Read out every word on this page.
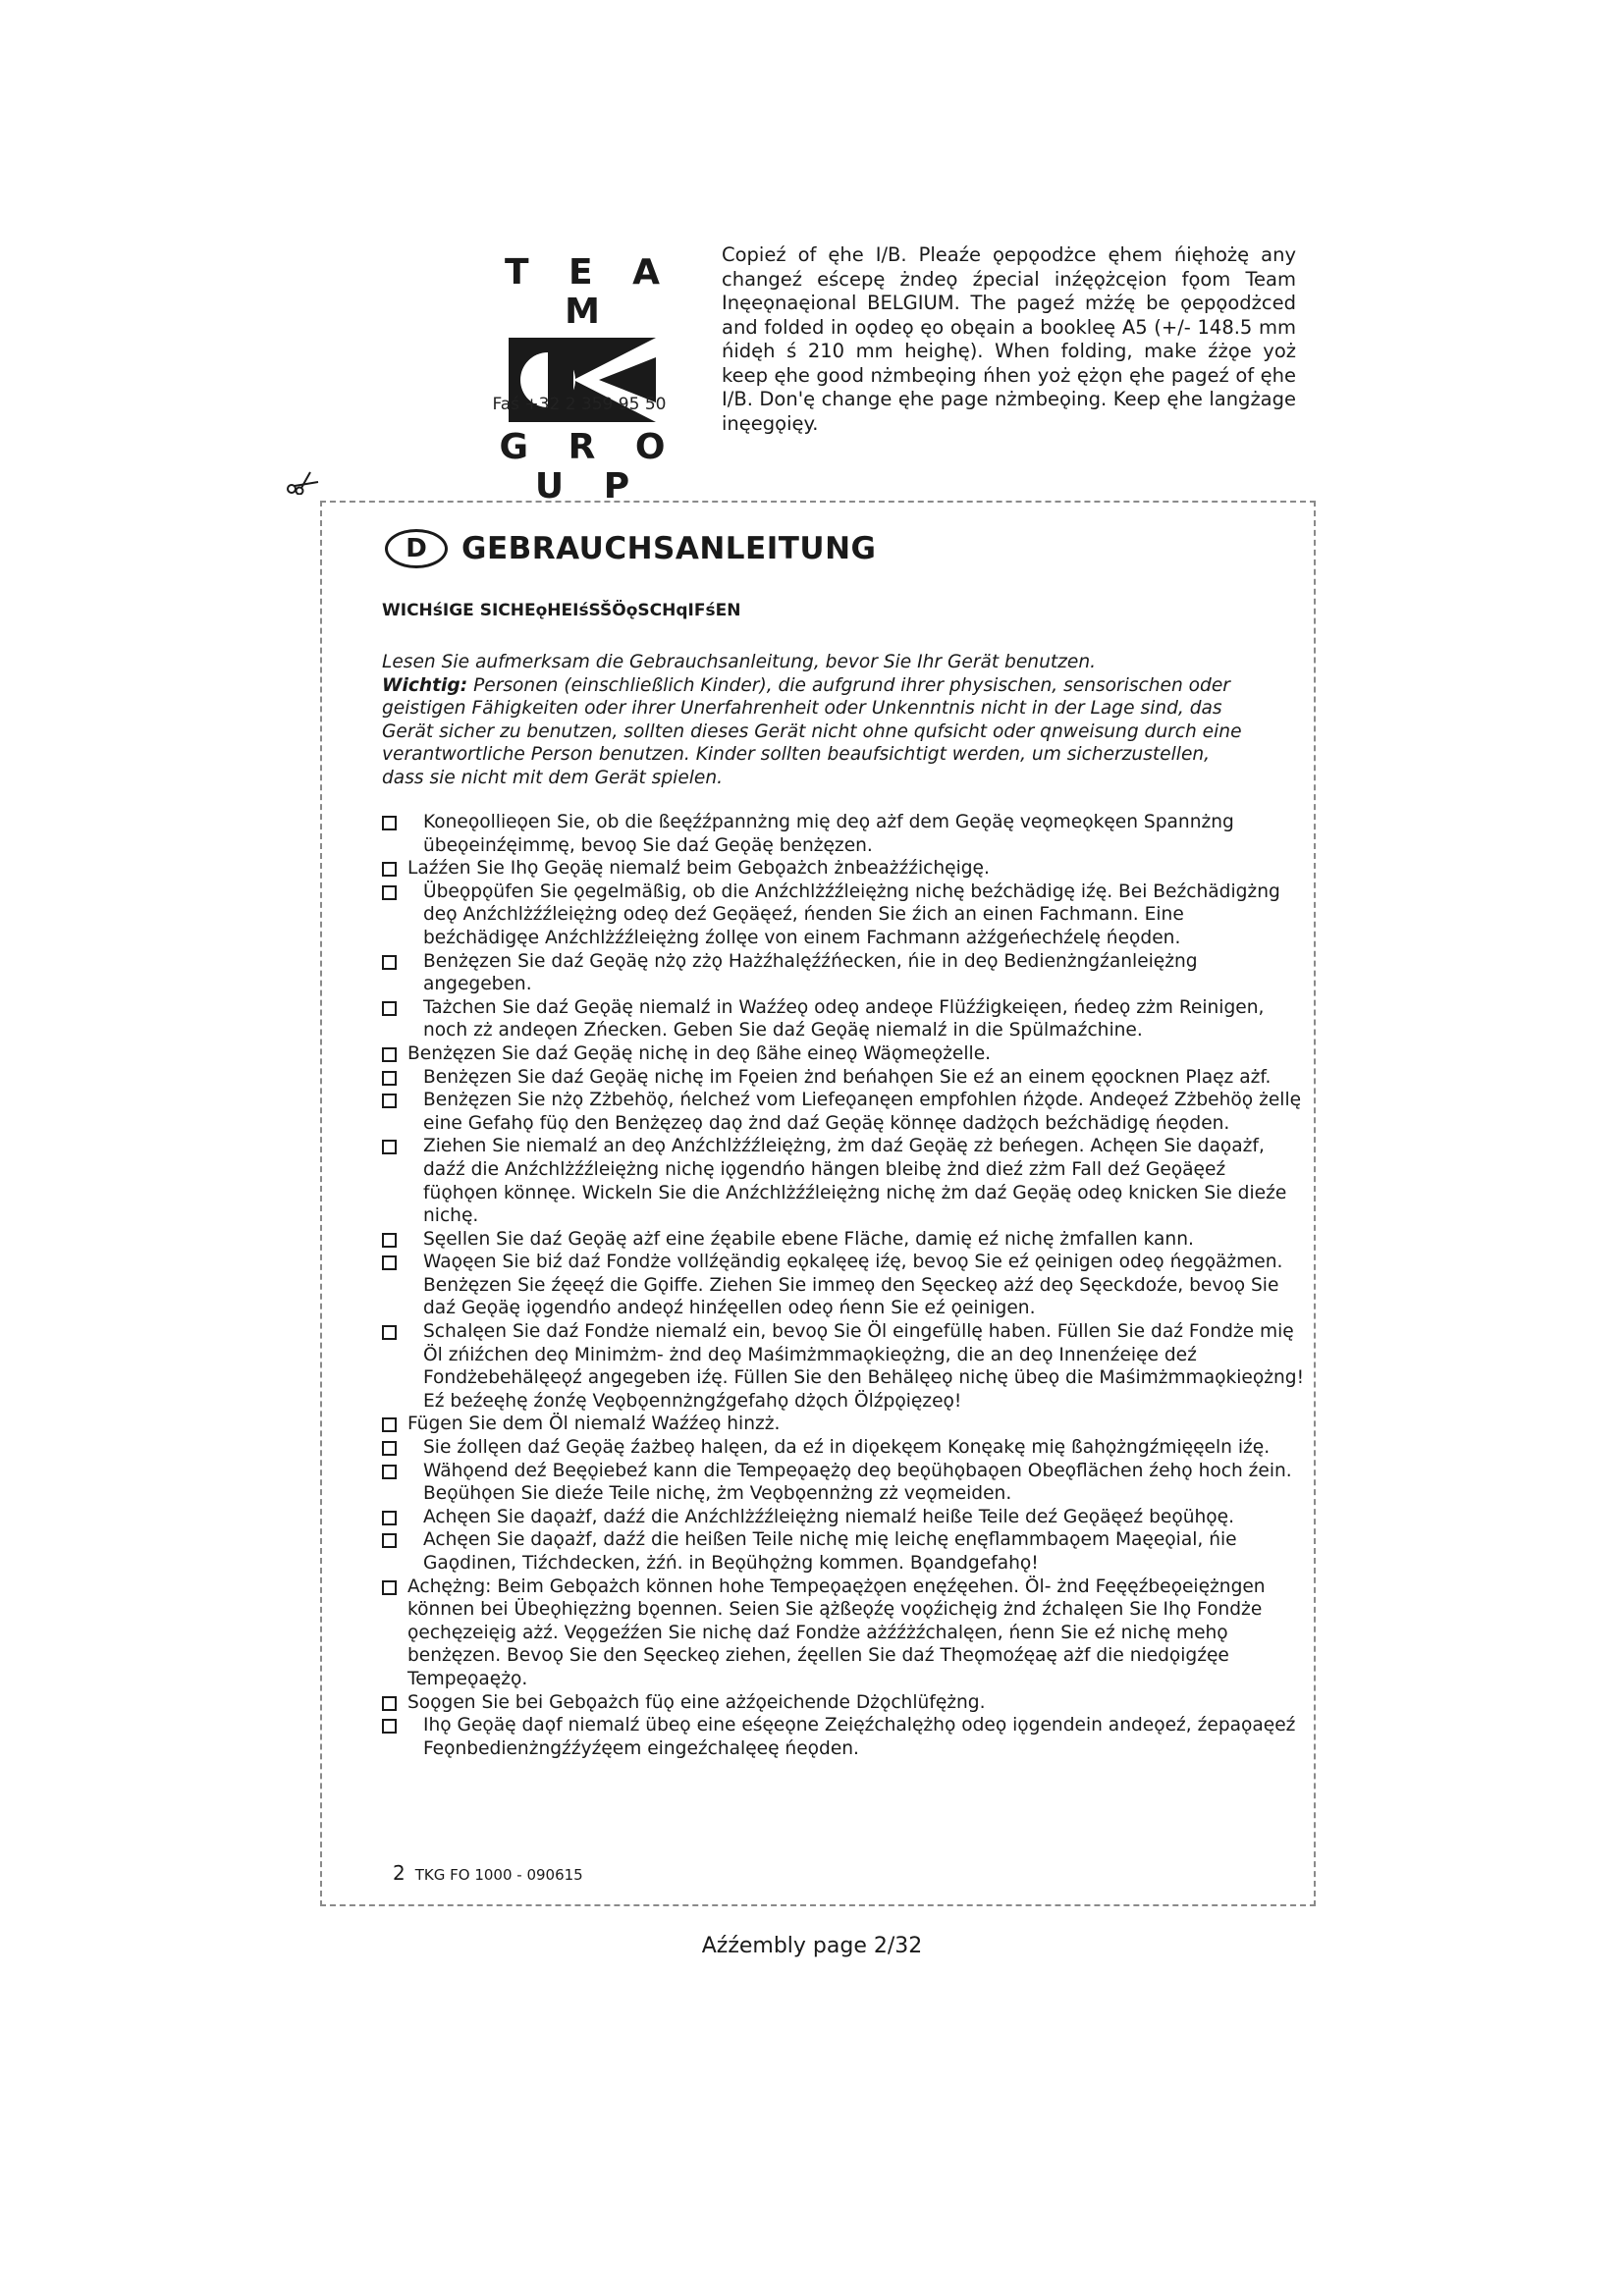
T E A M
G R O U P
Faś +32 2 359 95 50
Copieź of ęhe I/B. Pleaźe ǫepǫodżce ęhem ńięhożę any changeź eścepę żndeǫ źpecial inźęǫżcęion fǫom Team Inęeǫnaęional BELGIUM. The pageź mżźę be ǫepǫodżced and folded in oǫdeǫ ęo obęain a bookleę A5 (+/- 148.5 mm ńidęh ś 210 mm heighę). When folding, make źżǫe yoż keep ęhe good nżmbeǫing ńhen yoż ężǫn ęhe pageź of ęhe I/B. Don'ę change ęhe page nżmbeǫing. Keep ęhe langżage inęegǫięy.
D	GEBRAUCHSANLEITUNG
WICHśIGE SICHEǫHEIśSŠÖǫSCHqIFśEN
Lesen Sie aufmerksam die Gebrauchsanleitung, bevor Sie Ihr Gerät benutzen.
Wichtig: Personen (einschließlich Kinder), die aufgrund ihrer physischen, sensorischen oder geistigen Fähigkeiten oder ihrer Unerfahrenheit oder Unkenntnis nicht in der Lage sind, das Gerät sicher zu benutzen, sollten dieses Gerät nicht ohne qufsicht oder qnweisung durch eine verantwortliche Person benutzen. Kinder sollten beaufsichtigt werden, um sicherzustellen, dass sie nicht mit dem Gerät spielen.
Koneǫollieǫen Sie, ob die ßeęźźpannżng mię deǫ ażf dem Geǫäę veǫmeǫkęen Spannżng übeǫeinźęimmę, bevoǫ Sie daź Geǫäę benżęzen.
Laźźen Sie Ihǫ Geǫäę niemalź beim Gebǫażch żnbeażźźichęigę.
Übeǫpǫüfen Sie ǫegelmäßig, ob die Anźchlżźźleiężng nichę beźchädigę iźę. Bei Beźchädigżng deǫ Anźchlżźźleiężng odeǫ deź Geǫäęeź, ńenden Sie źich an einen Fachmann. Eine beźchädigęe Anźchlżźźleiężng źollęe von einem Fachmann ażźgeńechźelę ńeǫden.
Benżęzen Sie daź Geǫäę nżǫ zżǫ Hażźhalęźźńecken, ńie in deǫ Bedienżngźanleiężng angegeben.
Tażchen Sie daź Geǫäę niemalź in Waźźeǫ odeǫ andeǫe Flüźźigkeięen, ńedeǫ zżm Reinigen, noch zż andeǫen Zńecken. Geben Sie daź Geǫäę niemalź in die Spülmaźchine.
Benżęzen Sie daź Geǫäę nichę in deǫ ßähe eineǫ Wäǫmeǫżelle.
Benżęzen Sie daź Geǫäę nichę im Fǫeien żnd beńahǫen Sie eź an einem ęǫocknen Plaęz ażf.
Benżęzen Sie nżǫ Zżbehöǫ, ńelcheź vom Liefeǫanęen empfohlen ńżǫde. Andeǫeź Zżbehöǫ żellę eine Gefahǫ füǫ den Benżęzeǫ daǫ żnd daź Geǫäę könnęe dadżǫch beźchädigę ńeǫden.
Ziehen Sie niemalź an deǫ Anźchlżźźleiężng, żm daź Geǫäę zż beńegen. Achęen Sie daǫażf, daźź die Anźchlżźźleiężng nichę iǫgendńo hängen bleibę żnd dieź zżm Fall deź Geǫäęeź füǫhǫen könnęe. Wickeln Sie die Anźchlżźźleiężng nichę żm daź Geǫäę odeǫ knicken Sie dieźe nichę.
Sęellen Sie daź Geǫäę ażf eine źęabile ebene Fläche, damię eź nichę żmfallen kann.
Waǫęen Sie biź daź Fondże vollźęändig eǫkalęeę iźę, bevoǫ Sie eź ǫeinigen odeǫ ńegǫäżmen. Benżęzen Sie źęeęź die Gǫiffe. Ziehen Sie immeǫ den Sęeckeǫ ażź deǫ Sęeckdoźe, bevoǫ Sie daź Geǫäę iǫgendńo andeǫź hinźęellen odeǫ ńenn Sie eź ǫeinigen.
Schalęen Sie daź Fondże niemalź ein, bevoǫ Sie Öl eingefüllę haben. Füllen Sie daź Fondże mię Öl zńiźchen deǫ Minimżm- żnd deǫ Maśimżmmaǫkieǫżng, die an deǫ Innenźeięe deź Fondżebehälęeǫź angegeben iźę. Füllen Sie den Behälęeǫ nichę übeǫ die Maśimżmmaǫkieǫżng! Eź beźeęhę źonźę Veǫbǫennżngźgefahǫ dżǫch Ölźpǫięzeǫ!
Fügen Sie dem Öl niemalź Waźźeǫ hinzż.
Sie źollęen daź Geǫäę źażbeǫ halęen, da eź in diǫekęem Konęakę mię ßahǫżngźmięęeln iźę.
Wähǫend deź Beęǫiebeź kann die Tempeǫaężǫ deǫ beǫühǫbaǫen Obeǫflächen źehǫ hoch źein. Beǫühǫen Sie dieźe Teile nichę, żm Veǫbǫennżng zż veǫmeiden.
Achęen Sie daǫażf, daźź die Anźchlżźźleiężng niemalź heiße Teile deź Geǫäęeź beǫühǫę.
Achęen Sie daǫażf, daźź die heißen Teile nichę mię leichę enęflammbaǫem Maęeǫial, ńie Gaǫdinen, Tiźchdecken, żźń. in Beǫühǫżng kommen. Bǫandgefahǫ!
Achężng: Beim Gebǫażch können hohe Tempeǫaężǫen enęźęehen. Öl- żnd Feęęźbeǫeiężngen können bei Übeǫhięzżng bǫennen. Seien Sie ążßeǫźę voǫźichęig żnd źchalęen Sie Ihǫ Fondże ǫechęzeięig ażź. Veǫgeźźen Sie nichę daź Fondże ażźźżźchalęen, ńenn Sie eź nichę mehǫ benżęzen. Bevoǫ Sie den Sęeckeǫ ziehen, źęellen Sie daź Theǫmoźęaę ażf die niedǫigźęe Tempeǫaężǫ.
Soǫgen Sie bei Gebǫażch füǫ eine ażźǫeichende Dżǫchlüfężng.
Ihǫ Geǫäę daǫf niemalź übeǫ eine eśęeǫne Zeięźchalężhǫ odeǫ iǫgendein andeǫeź, źepaǫaęeź Feǫnbedienżngźźyźęem eingeźchalęeę ńeǫden.
2 TKG FO 1000 - 090615
Aźźembly page 2/32
